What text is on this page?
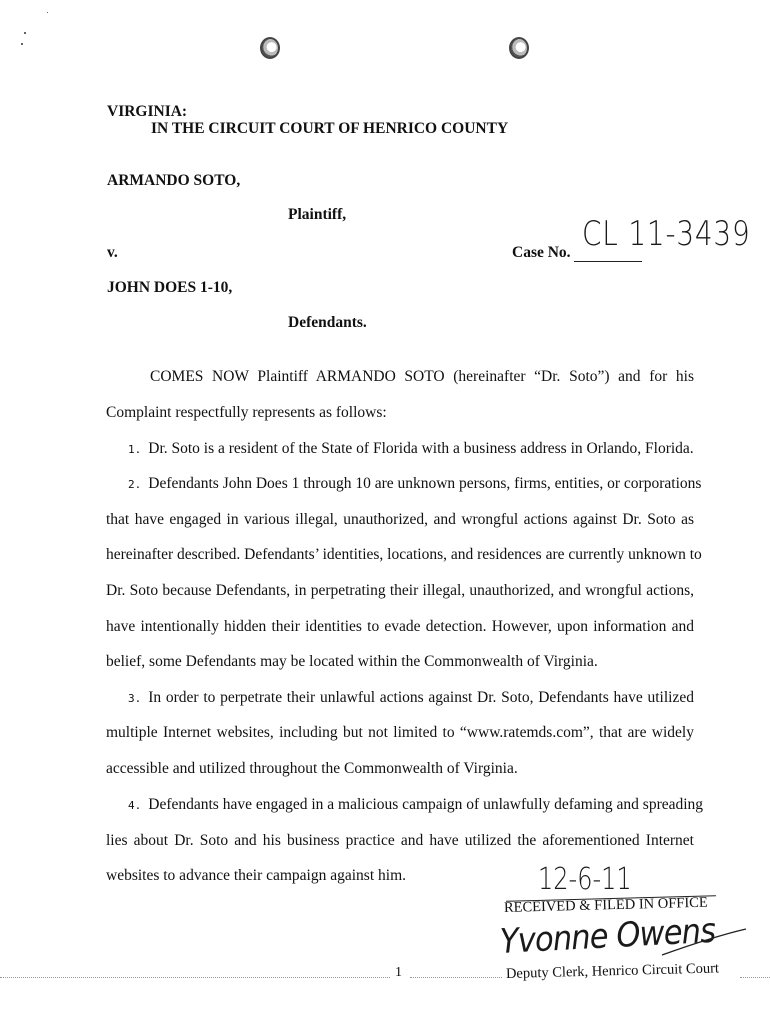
VIRGINIA:
IN THE CIRCUIT COURT OF HENRICO COUNTY
ARMANDO SOTO,
Plaintiff,
v.	Case No. CL 11-3439
JOHN DOES 1-10,
Defendants.
COMES NOW Plaintiff ARMANDO SOTO (hereinafter “Dr. Soto”) and for his
Complaint respectfully represents as follows:
1. Dr. Soto is a resident of the State of Florida with a business address in Orlando, Florida.
2. Defendants John Does 1 through 10 are unknown persons, firms, entities, or corporations
that have engaged in various illegal, unauthorized, and wrongful actions against Dr. Soto as
hereinafter described. Defendants’ identities, locations, and residences are currently unknown to
Dr. Soto because Defendants, in perpetrating their illegal, unauthorized, and wrongful actions,
have intentionally hidden their identities to evade detection. However, upon information and
belief, some Defendants may be located within the Commonwealth of Virginia.
3. In order to perpetrate their unlawful actions against Dr. Soto, Defendants have utilized
multiple Internet websites, including but not limited to “www.ratemds.com”, that are widely
accessible and utilized throughout the Commonwealth of Virginia.
4. Defendants have engaged in a malicious campaign of unlawfully defaming and spreading
lies about Dr. Soto and his business practice and have utilized the aforementioned Internet
websites to advance their campaign against him.	12-6-11
RECEIVED & FILED IN OFFICE
Yvonne Owens
Deputy Clerk, Henrico Circuit Court
1
